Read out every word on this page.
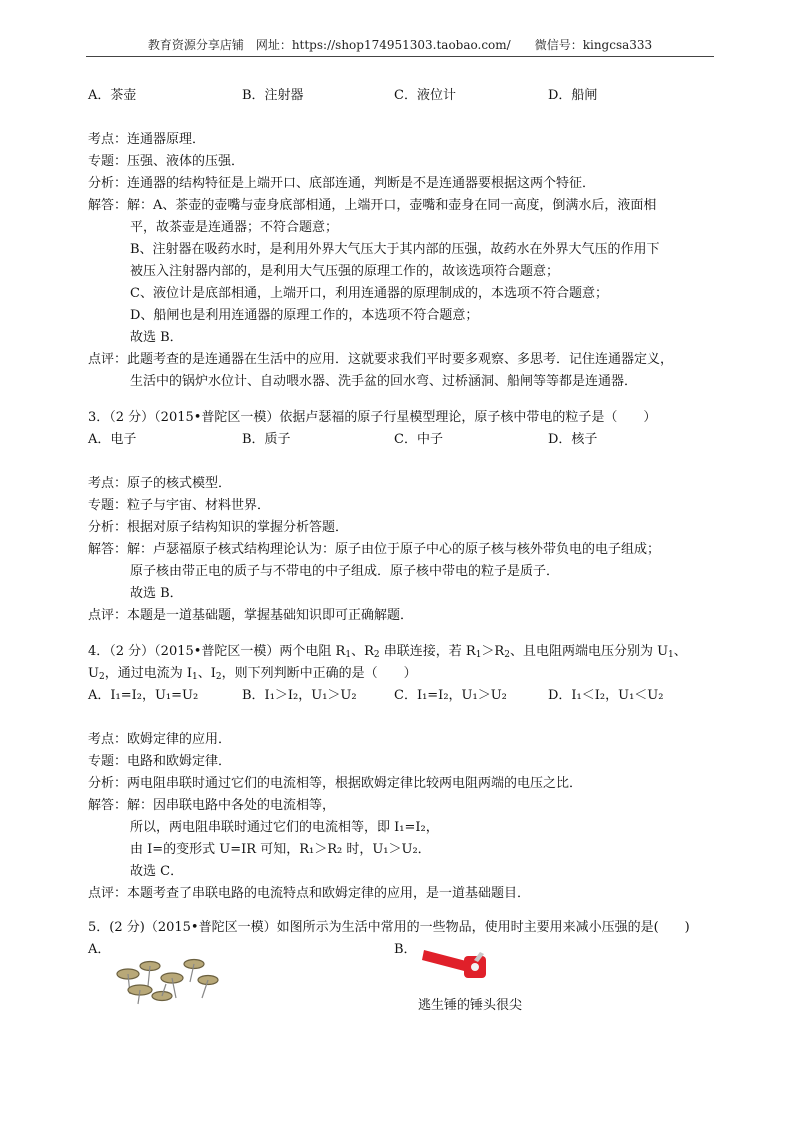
教育资源分享店铺　网址：https://shop174951303.taobao.com/　　微信号：kingcsa333
A．茶壶	B．注射器	C．液位计	D．船闸
考点：连通器原理．
专题：压强、液体的压强．
分析：连通器的结构特征是上端开口、底部连通，判断是不是连通器要根据这两个特征．
解答：解：A、茶壶的壶嘴与壶身底部相通，上端开口，壶嘴和壶身在同一高度，倒满水后，液面相
平，故茶壶是连通器；不符合题意；
B、注射器在吸药水时，是利用外界大气压大于其内部的压强，故药水在外界大气压的作用下
被压入注射器内部的，是利用大气压强的原理工作的，故该选项符合题意；
C、液位计是底部相通，上端开口，利用连通器的原理制成的，本选项不符合题意；
D、船闸也是利用连通器的原理工作的，本选项不符合题意；
故选 B．
点评：此题考查的是连通器在生活中的应用．这就要求我们平时要多观察、多思考．记住连通器定义，
生活中的锅炉水位计、自动喂水器、洗手盆的回水弯、过桥涵洞、船闸等等都是连通器．
3．（2 分）（2015•普陀区一模）依据卢瑟福的原子行星模型理论，原子核中带电的粒子是（　　）
A．电子	B．质子	C．中子	D．核子
考点：原子的核式模型．
专题：粒子与宇宙、材料世界．
分析：根据对原子结构知识的掌握分析答题．
解答：解：卢瑟福原子核式结构理论认为：原子由位于原子中心的原子核与核外带负电的电子组成；
原子核由带正电的质子与不带电的中子组成．原子核中带电的粒子是质子．
故选 B．
点评：本题是一道基础题，掌握基础知识即可正确解题．
4．（2 分）（2015•普陀区一模）两个电阻 $R_1$、$R_2$ 串联连接，若 $R_1>R_2$、且电阻两端电压分别为 $U_1$、
$U_2$，通过电流为 $I_1$、$I_2$，则下列判断中正确的是（　　）
A．I₁=I₂，U₁=U₂	B．I₁＞I₂，U₁＞U₂	C．I₁=I₂，U₁＞U₂	D．I₁＜I₂，U₁＜U₂
考点：欧姆定律的应用．
专题：电路和欧姆定律．
分析：两电阻串联时通过它们的电流相等，根据欧姆定律比较两电阻两端的电压之比．
解答：解：因串联电路中各处的电流相等，
所以，两电阻串联时通过它们的电流相等，即 I₁=I₂，
由 I=的变形式 U=IR 可知，R₁＞R₂ 时，U₁＞U₂．
故选 C．
点评：本题考查了串联电路的电流特点和欧姆定律的应用，是一道基础题目．
5．(2 分)（2015•普陀区一模）如图所示为生活中常用的一些物品，使用时主要用来减小压强的是(　　)
A．	B．
逃生锤的锤头很尖
